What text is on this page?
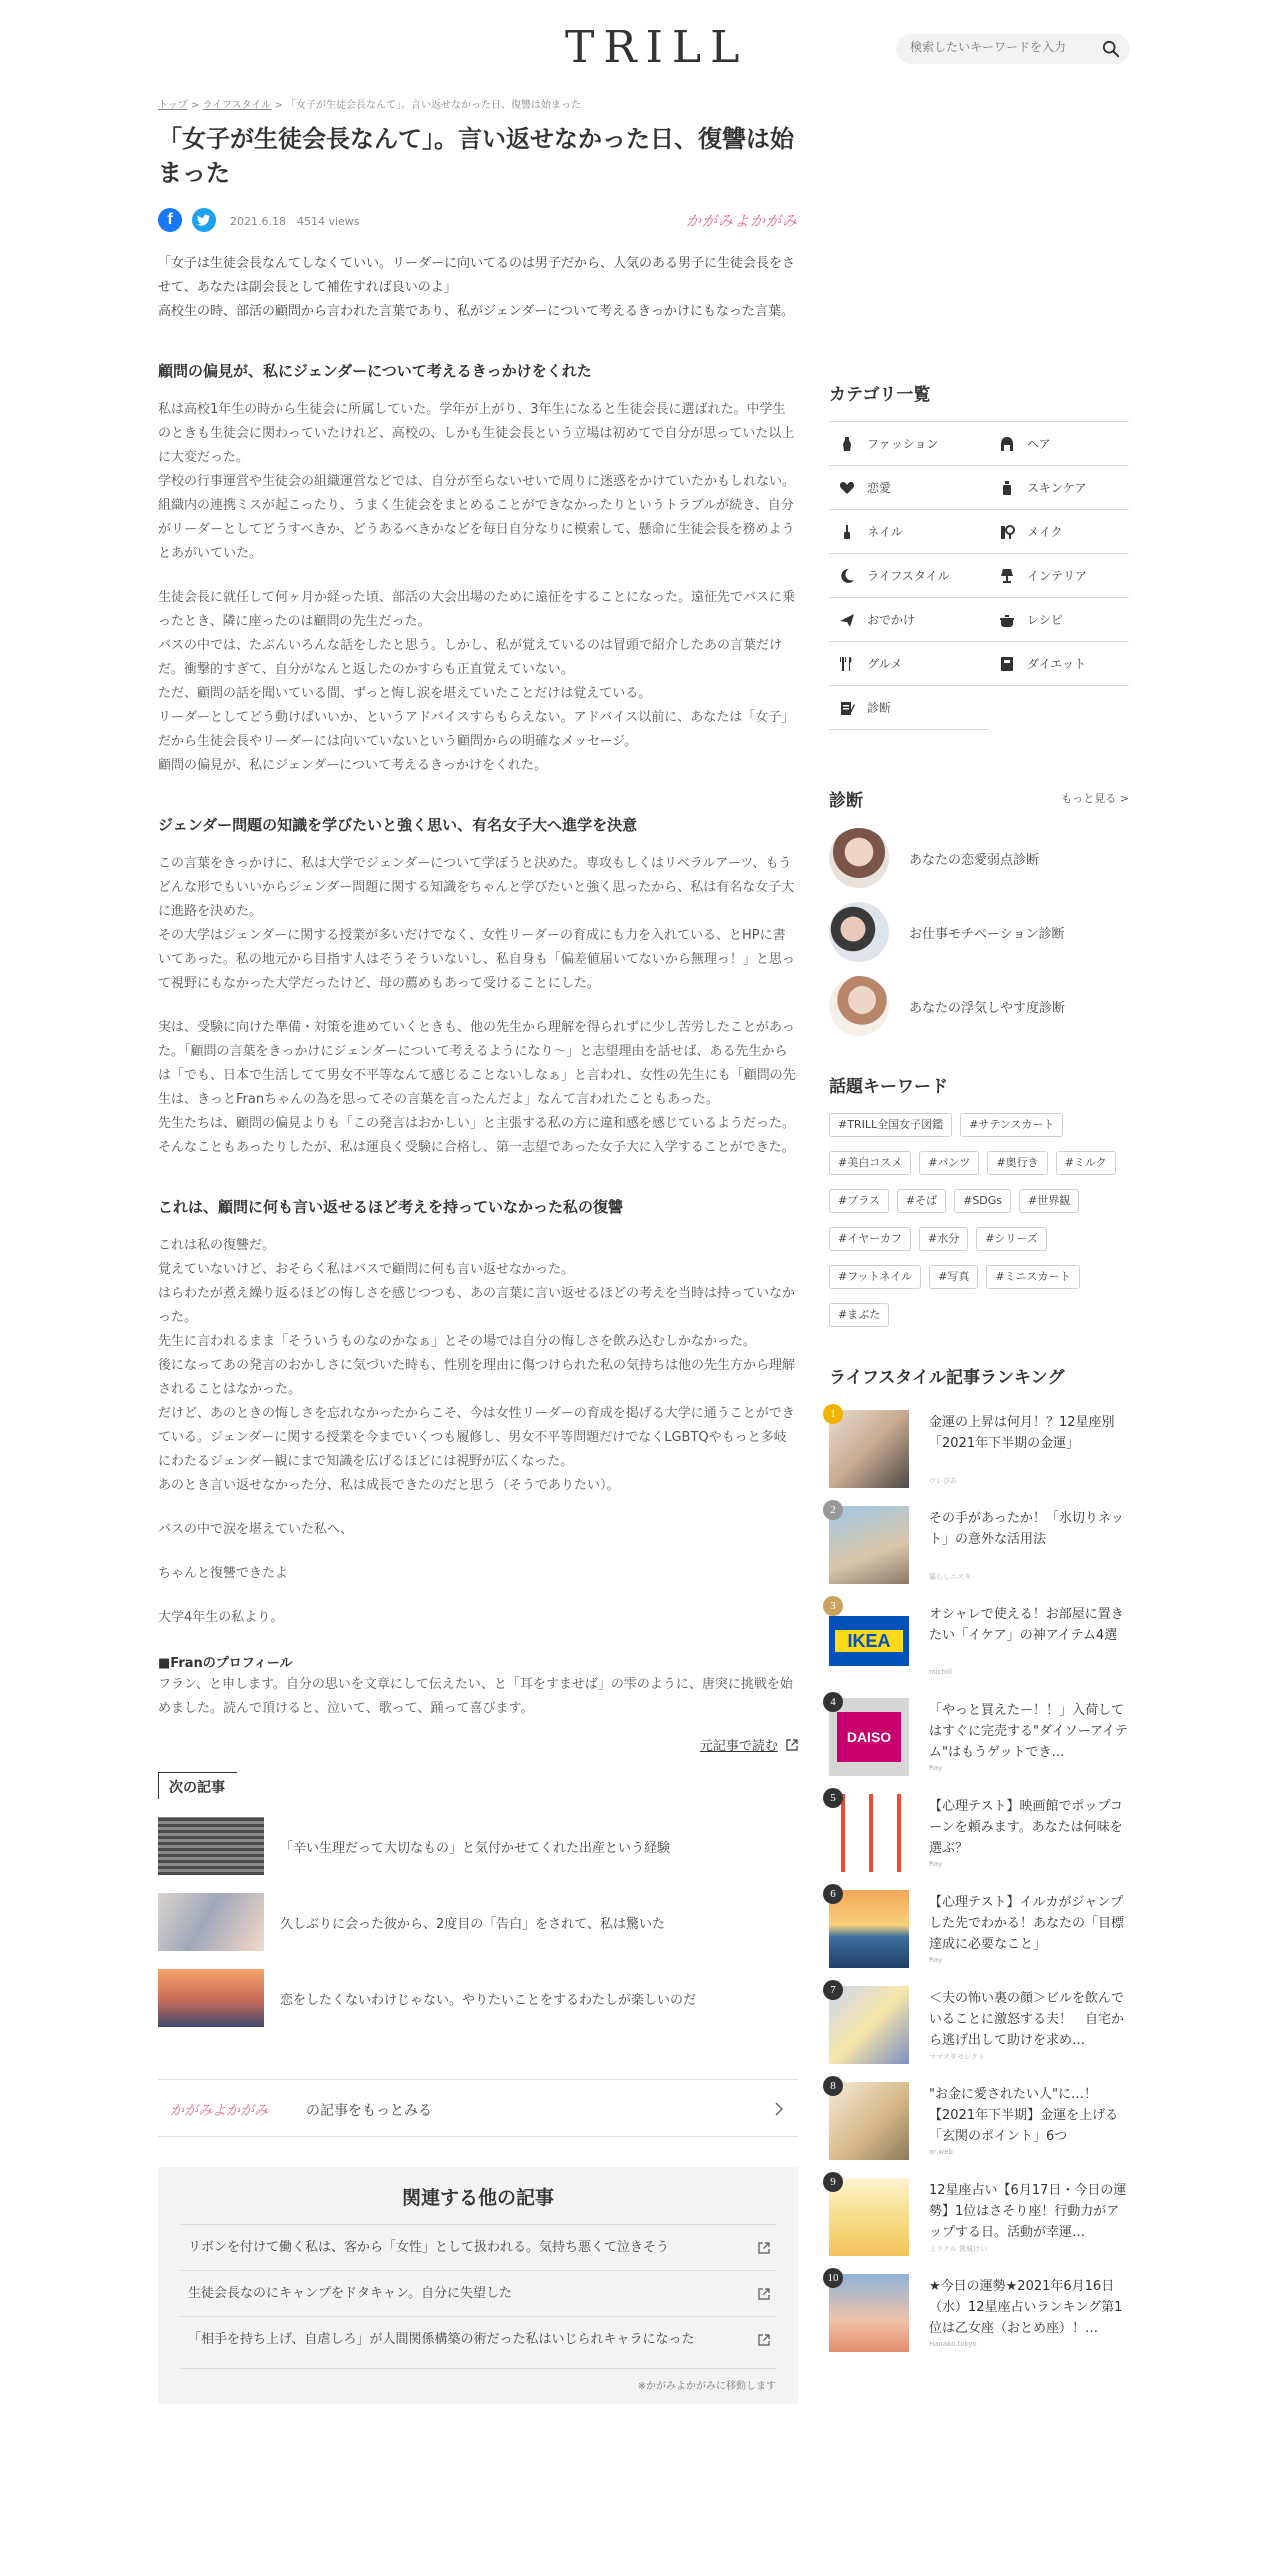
TRILL
検索したいキーワードを入力
トップ > ライフスタイル > 「女子が生徒会長なんて」。言い返せなかった日、復讐は始まった
「女子が生徒会長なんて」。言い返せなかった日、復讐は始まった
f	2021.6.18　4514 views	かがみよかがみ

「女子は生徒会長なんてしなくていい。リーダーに向いてるのは男子だから、人気のある男子に生徒会長をさせて、あなたは副会長として補佐すれば良いのよ」

高校生の時、部活の顧問から言われた言葉であり、私がジェンダーについて考えるきっかけにもなった言葉。

顧問の偏見が、私にジェンダーについて考えるきっかけをくれた

私は高校1年生の時から生徒会に所属していた。学年が上がり、3年生になると生徒会長に選ばれた。中学生のときも生徒会に関わっていたけれど、高校の、しかも生徒会長という立場は初めてで自分が思っていた以上に大変だった。
学校の行事運営や生徒会の組織運営などでは、自分が至らないせいで周りに迷惑をかけていたかもしれない。組織内の連携ミスが起こったり、うまく生徒会をまとめることができなかったりというトラブルが続き、自分がリーダーとしてどうすべきか、どうあるべきかなどを毎日自分なりに模索して、懸命に生徒会長を務めようとあがいていた。

生徒会長に就任して何ヶ月か経った頃、部活の大会出場のために遠征をすることになった。遠征先でバスに乗ったとき、隣に座ったのは顧問の先生だった。
バスの中では、たぶんいろんな話をしたと思う。しかし、私が覚えているのは冒頭で紹介したあの言葉だけだ。衝撃的すぎて、自分がなんと返したのかすらも正直覚えていない。
ただ、顧問の話を聞いている間、ずっと悔し涙を堪えていたことだけは覚えている。
リーダーとしてどう動けばいいか、というアドバイスすらもらえない。アドバイス以前に、あなたは「女子」だから生徒会長やリーダーには向いていないという顧問からの明確なメッセージ。
顧問の偏見が、私にジェンダーについて考えるきっかけをくれた。

ジェンダー問題の知識を学びたいと強く思い、有名女子大へ進学を決意

この言葉をきっかけに、私は大学でジェンダーについて学ぼうと決めた。専攻もしくはリベラルアーツ、もうどんな形でもいいからジェンダー問題に関する知識をちゃんと学びたいと強く思ったから、私は有名な女子大に進路を決めた。
その大学はジェンダーに関する授業が多いだけでなく、女性リーダーの育成にも力を入れている、とHPに書いてあった。私の地元から目指す人はそうそういないし、私自身も「偏差値届いてないから無理っ！」と思って視野にもなかった大学だったけど、母の薦めもあって受けることにした。

実は、受験に向けた準備・対策を進めていくときも、他の先生から理解を得られずに少し苦労したことがあった。「顧問の言葉をきっかけにジェンダーについて考えるようになり～」と志望理由を話せば、ある先生からは「でも、日本で生活してて男女不平等なんて感じることないしなぁ」と言われ、女性の先生にも「顧問の先生は、きっとFranちゃんの為を思ってその言葉を言ったんだよ」なんて言われたこともあった。
先生たちは、顧問の偏見よりも「この発言はおかしい」と主張する私の方に違和感を感じているようだった。
そんなこともあったりしたが、私は運良く受験に合格し、第一志望であった女子大に入学することができた。

これは、顧問に何も言い返せるほど考えを持っていなかった私の復讐

これは私の復讐だ。
覚えていないけど、おそらく私はバスで顧問に何も言い返せなかった。
はらわたが煮え繰り返るほどの悔しさを感じつつも、あの言葉に言い返せるほどの考えを当時は持っていなかった。
先生に言われるまま「そういうものなのかなぁ」とその場では自分の悔しさを飲み込むしかなかった。
後になってあの発言のおかしさに気づいた時も、性別を理由に傷つけられた私の気持ちは他の先生方から理解されることはなかった。
だけど、あのときの悔しさを忘れなかったからこそ、今は女性リーダーの育成を掲げる大学に通うことができている。ジェンダーに関する授業を今までいくつも履修し、男女不平等問題だけでなくLGBTQやもっと多岐にわたるジェンダー観にまで知識を広げるほどには視野が広くなった。
あのとき言い返せなかった分、私は成長できたのだと思う（そうでありたい）。

バスの中で涙を堪えていた私へ、

ちゃんと復讐できたよ

大学4年生の私より。

■Franのプロフィール

フラン、と申します。自分の思いを文章にして伝えたい、と「耳をすませば」の雫のように、唐突に挑戦を始めました。読んで頂けると、泣いて、歌って、踊って喜びます。

元記事で読む
次の記事
「辛い生理だって大切なもの」と気付かせてくれた出産という経験
久しぶりに会った彼から、2度目の「告白」をされて、私は驚いた
恋をしたくないわけじゃない。やりたいことをするわたしが楽しいのだ
かがみよかがみ	の記事をもっとみる
関連する他の記事
リボンを付けて働く私は、客から「女性」として扱われる。気持ち悪くて泣きそう
生徒会長なのにキャンプをドタキャン。自分に失望した
「相手を持ち上げ、自虐しろ」が人間関係構築の術だった私はいじられキャラになった
※かがみよかがみに移動します
カテゴリ一覧
ファッション	ヘア
恋愛	スキンケア
ネイル	メイク
ライフスタイル	インテリア
おでかけ	レシピ
グルメ	ダイエット
診断
診断	もっと見る >
あなたの恋愛弱点診断
お仕事モチベーション診断
あなたの浮気しやす度診断
話題キーワード
#TRILL全国女子図鑑	#サテンスカート
#美白コスメ	#パンツ	#奥行き	#ミルク
#プラス	#そば	#SDGs	#世界観
#イヤーカフ	#水分	#シリーズ
#フットネイル	#写真	#ミニスカート
#まぶた
ライフスタイル記事ランキング
1
金運の上昇は何月！？12星座別「2021年下半期の金運」
ウレぴあ
2
その手があったか！「氷切りネット」の意外な活用法
暮らしニスタ
IKEA
3
オシャレで使える！お部屋に置きたい「イケア」の神アイテム4選
michill
DAISO
4
「やっと買えたー！！」入荷してはすぐに完売する"ダイソーアイテム"はもうゲットでき…
Ray
5
【心理テスト】映画館でポップコーンを頼みます。あなたは何味を選ぶ？
Ray
6
【心理テスト】イルカがジャンプした先でわかる！あなたの「目標達成に必要なこと」
Ray
7
＜夫の怖い裏の顔＞ビルを飲んでいることに激怒する夫！　自宅から逃げ出して助けを求め…
ママスタセレクト
8
"お金に愛されたい人"に…！【2021年下半期】金運を上げる「玄関のポイント」6つ
ar web
9
12星座占い【6月17日・今日の運勢】1位はさそり座！行動力がアップする日。活動が幸運…
ミラクル 貴城けい
10
★今日の運勢★2021年6月16日（水）12星座占いランキング第1位は乙女座（おとめ座）！…
Hanako.tokyo
